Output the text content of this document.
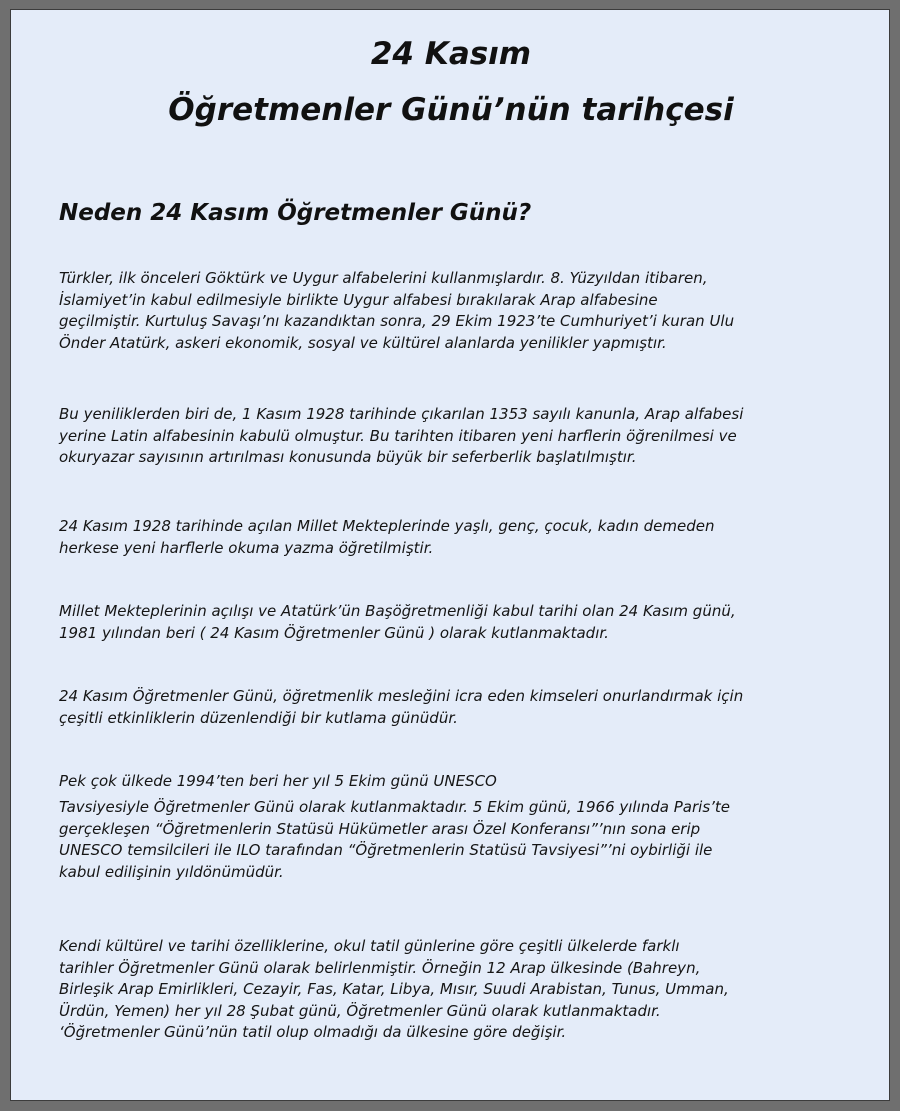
24 Kasım
Öğretmenler Günü’nün tarihçesi
Neden 24 Kasım Öğretmenler Günü?

Türkler, ilk önceleri Göktürk ve Uygur alfabelerini kullanmışlardır. 8. Yüzyıldan itibaren,
İslamiyet’in kabul edilmesiyle birlikte Uygur alfabesi bırakılarak Arap alfabesine
geçilmiştir. Kurtuluş Savaşı’nı kazandıktan sonra, 29 Ekim 1923’te Cumhuriyet’i kuran Ulu
Önder Atatürk, askeri ekonomik, sosyal ve kültürel alanlarda yenilikler yapmıştır.

Bu yeniliklerden biri de, 1 Kasım 1928 tarihinde çıkarılan 1353 sayılı kanunla, Arap alfabesi
yerine Latin alfabesinin kabulü olmuştur. Bu tarihten itibaren yeni harflerin öğrenilmesi ve
okuryazar sayısının artırılması konusunda büyük bir seferberlik başlatılmıştır.

24 Kasım 1928 tarihinde açılan Millet Mekteplerinde yaşlı, genç, çocuk, kadın demeden
herkese yeni harflerle okuma yazma öğretilmiştir.

Millet Mekteplerinin açılışı ve Atatürk’ün Başöğretmenliği kabul tarihi olan 24 Kasım günü,
1981 yılından beri ( 24 Kasım Öğretmenler Günü ) olarak kutlanmaktadır.

24 Kasım Öğretmenler Günü, öğretmenlik mesleğini icra eden kimseleri onurlandırmak için
çeşitli etkinliklerin düzenlendiği bir kutlama günüdür.

Pek çok ülkede 1994’ten beri her yıl 5 Ekim günü UNESCO

Tavsiyesiyle Öğretmenler Günü olarak kutlanmaktadır. 5 Ekim günü, 1966 yılında Paris’te
gerçekleşen “Öğretmenlerin Statüsü Hükümetler arası Özel Konferansı”’nın sona erip
UNESCO temsilcileri ile ILO tarafından “Öğretmenlerin Statüsü Tavsiyesi”’ni oybirliği ile
kabul edilişinin yıldönümüdür.

Kendi kültürel ve tarihi özelliklerine, okul tatil günlerine göre çeşitli ülkelerde farklı
tarihler Öğretmenler Günü olarak belirlenmiştir. Örneğin 12 Arap ülkesinde (Bahreyn,
Birleşik Arap Emirlikleri, Cezayir, Fas, Katar, Libya, Mısır, Suudi Arabistan, Tunus, Umman,
Ürdün, Yemen) her yıl 28 Şubat günü, Öğretmenler Günü olarak kutlanmaktadır.
‘Öğretmenler Günü’nün tatil olup olmadığı da ülkesine göre değişir.
